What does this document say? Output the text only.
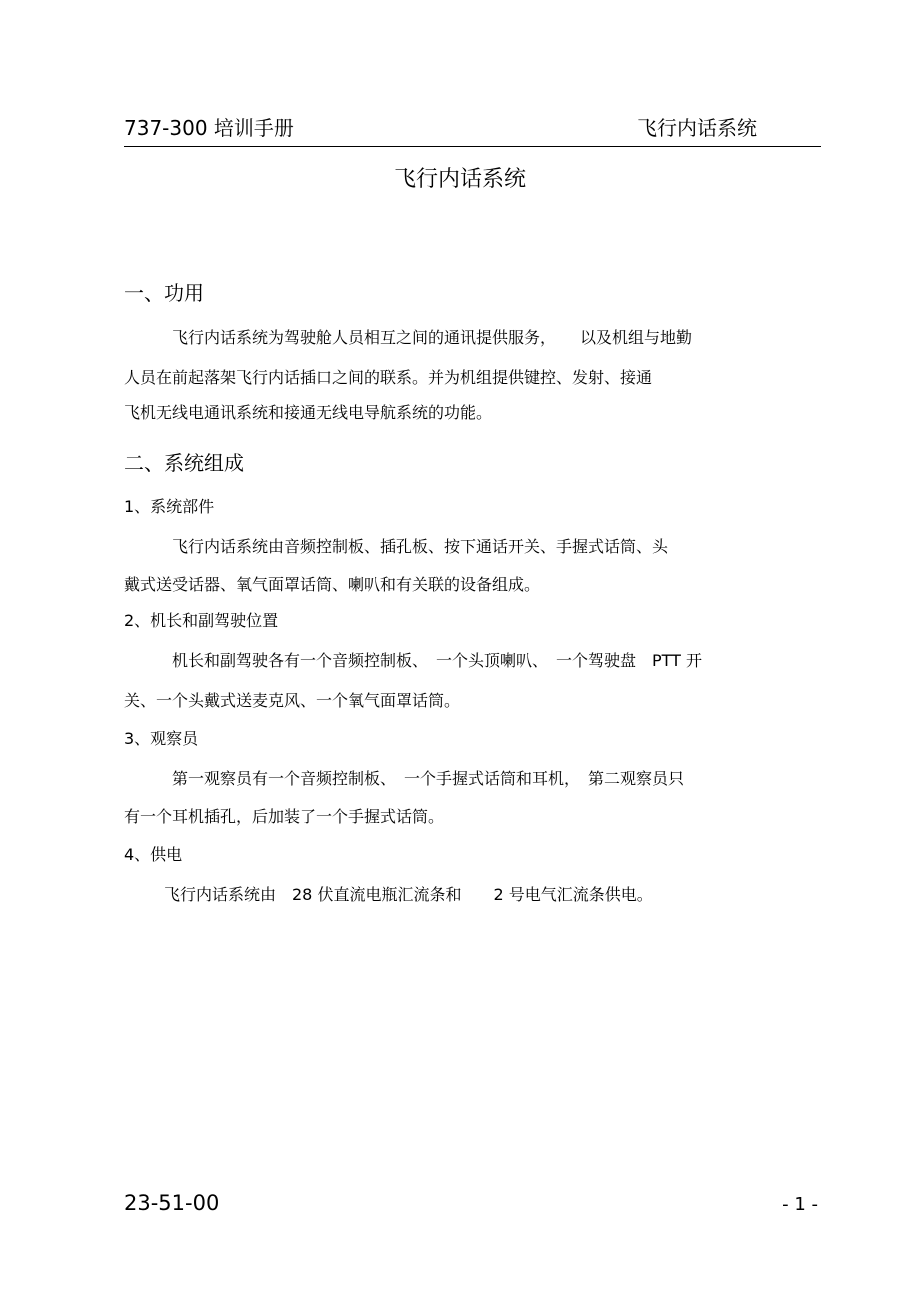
737-300 培训手册	飞行内话系统
飞行内话系统
一、功用
飞行内话系统为驾驶舱人员相互之间的通讯提供服务，　　以及机组与地勤
人员在前起落架飞行内话插口之间的联系。并为机组提供键控、发射、接通
飞机无线电通讯系统和接通无线电导航系统的功能。
二、系统组成
1、系统部件
飞行内话系统由音频控制板、插孔板、按下通话开关、手握式话筒、头
戴式送受话器、氧气面罩话筒、喇叭和有关联的设备组成。
2、机长和副驾驶位置
机长和副驾驶各有一个音频控制板、　一个头顶喇叭、　一个驾驶盘　PTT 开
关、一个头戴式送麦克风、一个氧气面罩话筒。
3、观察员
第一观察员有一个音频控制板、　一个手握式话筒和耳机，　第二观察员只
有一个耳机插孔，后加装了一个手握式话筒。
4、供电
飞行内话系统由　28 伏直流电瓶汇流条和　　2 号电气汇流条供电。
23-51-00	- 1 -
